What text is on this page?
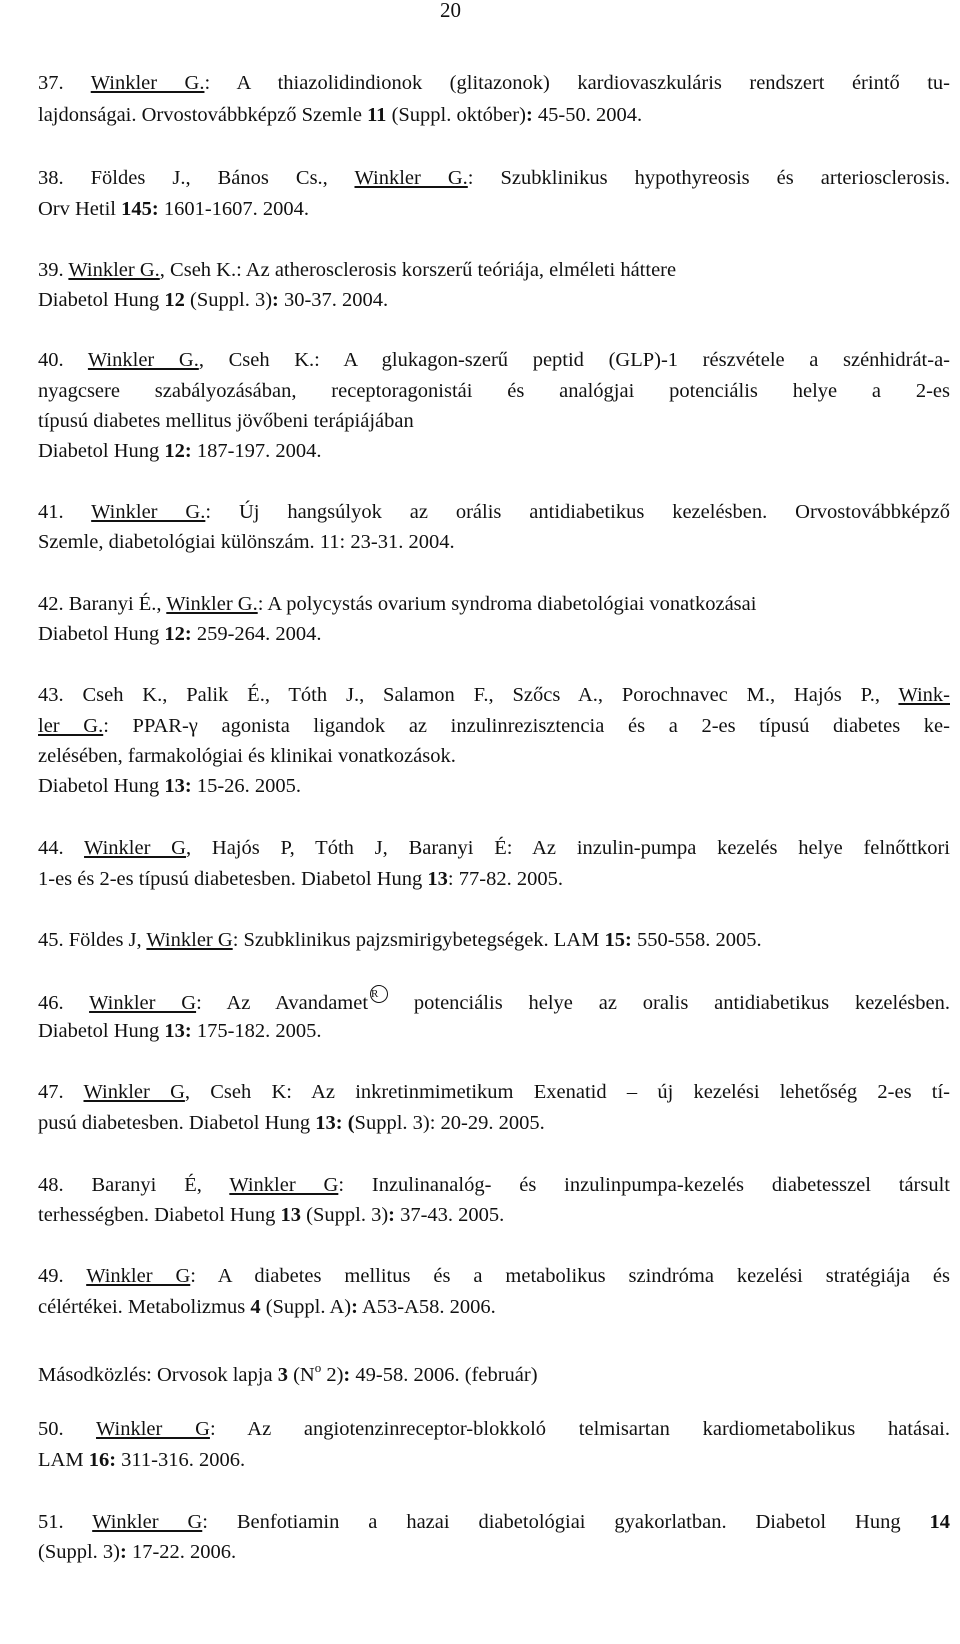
20
37. Winkler G.: A thiazolidindionok (glitazonok) kardiovaszkuláris rendszert érintő tu-
lajdonságai. Orvostovábbképző Szemle 11 (Suppl. október): 45-50. 2004.
38. Földes J., Bános Cs., Winkler G.: Szubklinikus hypothyreosis és arteriosclerosis.
Orv Hetil 145: 1601-1607. 2004.
39. Winkler G., Cseh K.: Az atherosclerosis korszerű teóriája, elméleti háttere
Diabetol Hung 12 (Suppl. 3): 30-37. 2004.
40. Winkler G., Cseh K.: A glukagon-szerű peptid (GLP)-1 részvétele a szénhidrát-a-
nyagcsere szabályozásában, receptoragonistái és analógjai potenciális helye a 2-es
típusú diabetes mellitus jövőbeni terápiájában
Diabetol Hung 12: 187-197. 2004.
41. Winkler G.: Új hangsúlyok az orális antidiabetikus kezelésben. Orvostovábbképző
Szemle, diabetológiai különszám. 11: 23-31. 2004.
42. Baranyi É., Winkler G.: A polycystás ovarium syndroma diabetológiai vonatkozásai
Diabetol Hung 12: 259-264. 2004.
43. Cseh K., Palik É., Tóth J., Salamon F., Szőcs A., Porochnavec M., Hajós P., Wink-
ler G.: PPAR-γ agonista ligandok az inzulinrezisztencia és a 2-es típusú diabetes ke-
zelésében, farmakológiai és klinikai vonatkozások.
Diabetol Hung 13: 15-26. 2005.
44. Winkler G, Hajós P, Tóth J, Baranyi É: Az inzulin-pumpa kezelés helye felnőttkori
1-es és 2-es típusú diabetesben. Diabetol Hung 13: 77-82. 2005.
45. Földes J, Winkler G: Szubklinikus pajzsmirigybetegségek. LAM 15: 550-558. 2005.
46. Winkler G: Az Avandamet R potenciális helye az oralis antidiabetikus kezelésben.
Diabetol Hung 13: 175-182. 2005.
47. Winkler G, Cseh K: Az inkretinmimetikum Exenatid – új kezelési lehetőség 2-es tí-
pusú diabetesben. Diabetol Hung 13: (Suppl. 3): 20-29. 2005.
48. Baranyi É, Winkler G: Inzulinanalóg- és inzulinpumpa-kezelés diabetesszel társult
terhességben. Diabetol Hung 13 (Suppl. 3): 37-43. 2005.
49. Winkler G: A diabetes mellitus és a metabolikus szindróma kezelési stratégiája és
célértékei. Metabolizmus 4 (Suppl. A): A53-A58. 2006.
Másodközlés: Orvosok lapja 3 ($N^o$ 2): 49-58. 2006. (február)
50. Winkler G: Az angiotenzinreceptor-blokkoló telmisartan kardiometabolikus hatásai.
LAM 16: 311-316. 2006.
51. Winkler G: Benfotiamin a hazai diabetológiai gyakorlatban. Diabetol Hung 14
(Suppl. 3): 17-22. 2006.
